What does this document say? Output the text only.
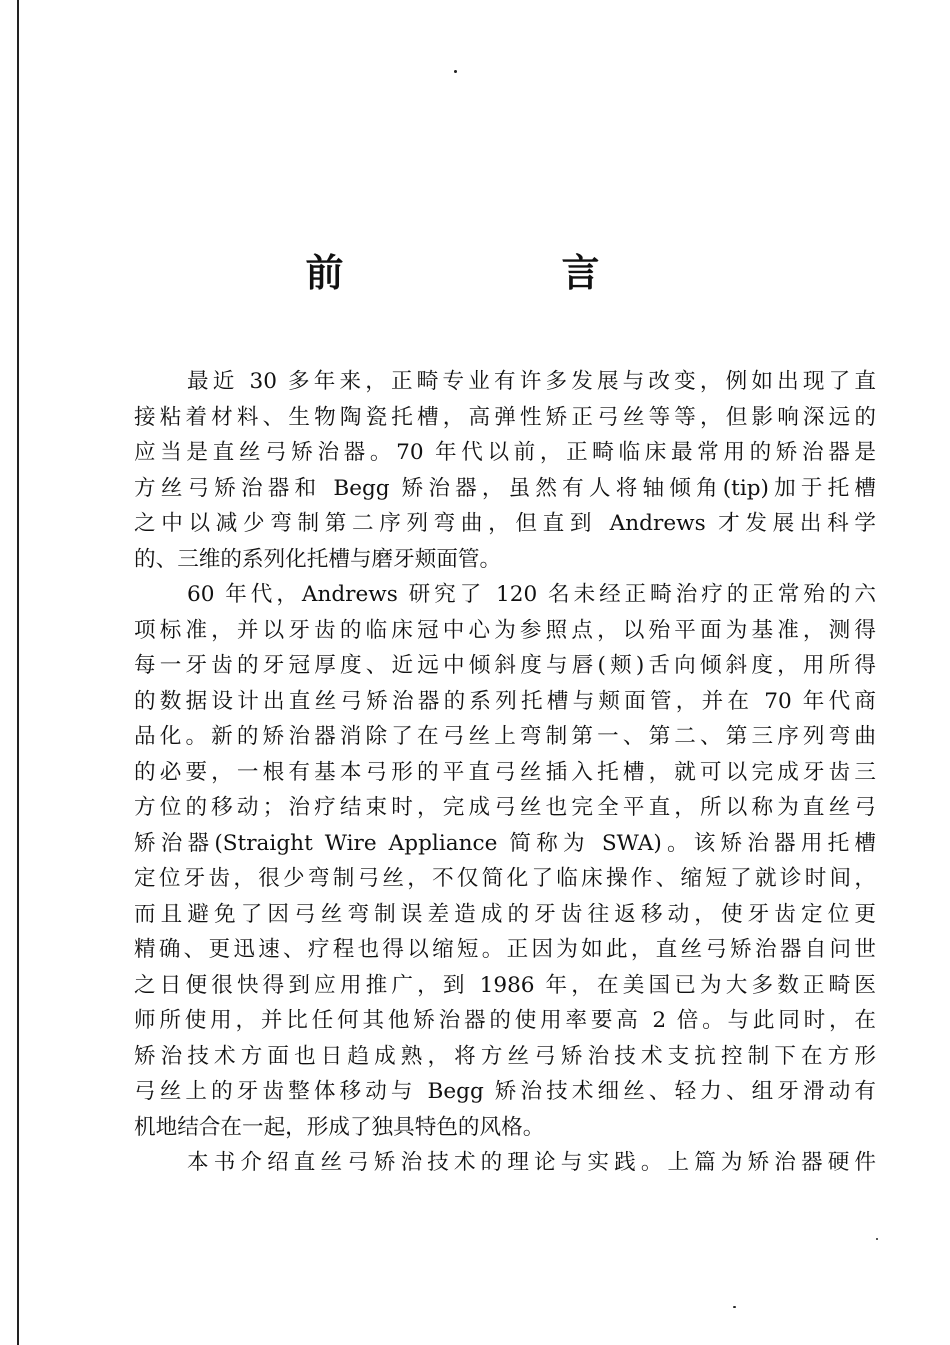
前　言
最近 30 多年来，正畸专业有许多发展与改变，例如出现了直
接粘着材料、生物陶瓷托槽，高弹性矫正弓丝等等，但影响深远的
应当是直丝弓矫治器。70 年代以前，正畸临床最常用的矫治器是
方丝弓矫治器和 Begg 矫治器，虽然有人将轴倾角(tip)加于托槽
之中以减少弯制第二序列弯曲，但直到 Andrews 才发展出科学
的、三维的系列化托槽与磨牙颊面管。
60 年代，Andrews 研究了 120 名未经正畸治疗的正常殆的六
项标准，并以牙齿的临床冠中心为参照点，以殆平面为基准，测得
每一牙齿的牙冠厚度、近远中倾斜度与唇(颊)舌向倾斜度，用所得
的数据设计出直丝弓矫治器的系列托槽与颊面管，并在 70 年代商
品化。新的矫治器消除了在弓丝上弯制第一、第二、第三序列弯曲
的必要，一根有基本弓形的平直弓丝插入托槽，就可以完成牙齿三
方位的移动；治疗结束时，完成弓丝也完全平直，所以称为直丝弓
矫治器(Straight Wire Appliance 简称为 SWA)。该矫治器用托槽
定位牙齿，很少弯制弓丝，不仅简化了临床操作、缩短了就诊时间，
而且避免了因弓丝弯制误差造成的牙齿往返移动，使牙齿定位更
精确、更迅速、疗程也得以缩短。正因为如此，直丝弓矫治器自问世
之日便很快得到应用推广，到 1986 年，在美国已为大多数正畸医
师所使用，并比任何其他矫治器的使用率要高 2 倍。与此同时，在
矫治技术方面也日趋成熟，将方丝弓矫治技术支抗控制下在方形
弓丝上的牙齿整体移动与 Begg 矫治技术细丝、轻力、组牙滑动有
机地结合在一起，形成了独具特色的风格。
本书介绍直丝弓矫治技术的理论与实践。上篇为矫治器硬件
